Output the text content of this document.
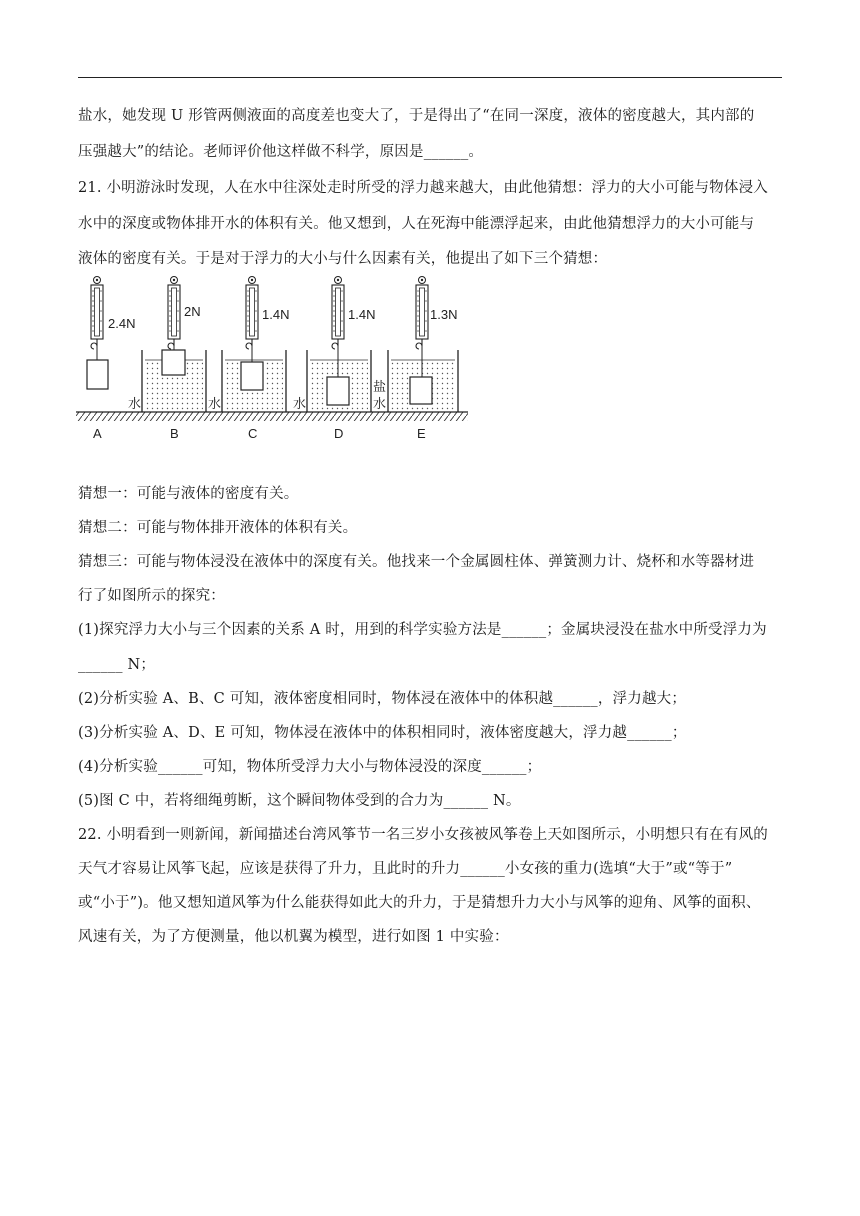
盐水，她发现 U 形管两侧液面的高度差也变大了，于是得出了“在同一深度，液体的密度越大，其内部的
压强越大”的结论。老师评价他这样做不科学，原因是______。
21. 小明游泳时发现，人在水中往深处走时所受的浮力越来越大，由此他猜想：浮力的大小可能与物体浸入
水中的深度或物体排开水的体积有关。他又想到，人在死海中能漂浮起来，由此他猜想浮力的大小可能与
液体的密度有关。于是对于浮力的大小与什么因素有关，他提出了如下三个猜想：
2.4N
A
2N
水
B
1.4N
水
C
1.4N
水
D
1.3N
盐
水
E
猜想一：可能与液体的密度有关。
猜想二：可能与物体排开液体的体积有关。
猜想三：可能与物体浸没在液体中的深度有关。他找来一个金属圆柱体、弹簧测力计、烧杯和水等器材进
行了如图所示的探究：
(1)探究浮力大小与三个因素的关系 A 时，用到的科学实验方法是______；金属块浸没在盐水中所受浮力为
______ N；
(2)分析实验 A、B、C 可知，液体密度相同时，物体浸在液体中的体积越______，浮力越大；
(3)分析实验 A、D、E 可知，物体浸在液体中的体积相同时，液体密度越大，浮力越______；
(4)分析实验______可知，物体所受浮力大小与物体浸没的深度______；
(5)图 C 中，若将细绳剪断，这个瞬间物体受到的合力为______ N。
22. 小明看到一则新闻，新闻描述台湾风筝节一名三岁小女孩被风筝卷上天如图所示，小明想只有在有风的
天气才容易让风筝飞起，应该是获得了升力，且此时的升力______小女孩的重力(选填“大于”或“等于”
或“小于”)。他又想知道风筝为什么能获得如此大的升力，于是猜想升力大小与风筝的迎角、风筝的面积、
风速有关，为了方便测量，他以机翼为模型，进行如图 1 中实验：
